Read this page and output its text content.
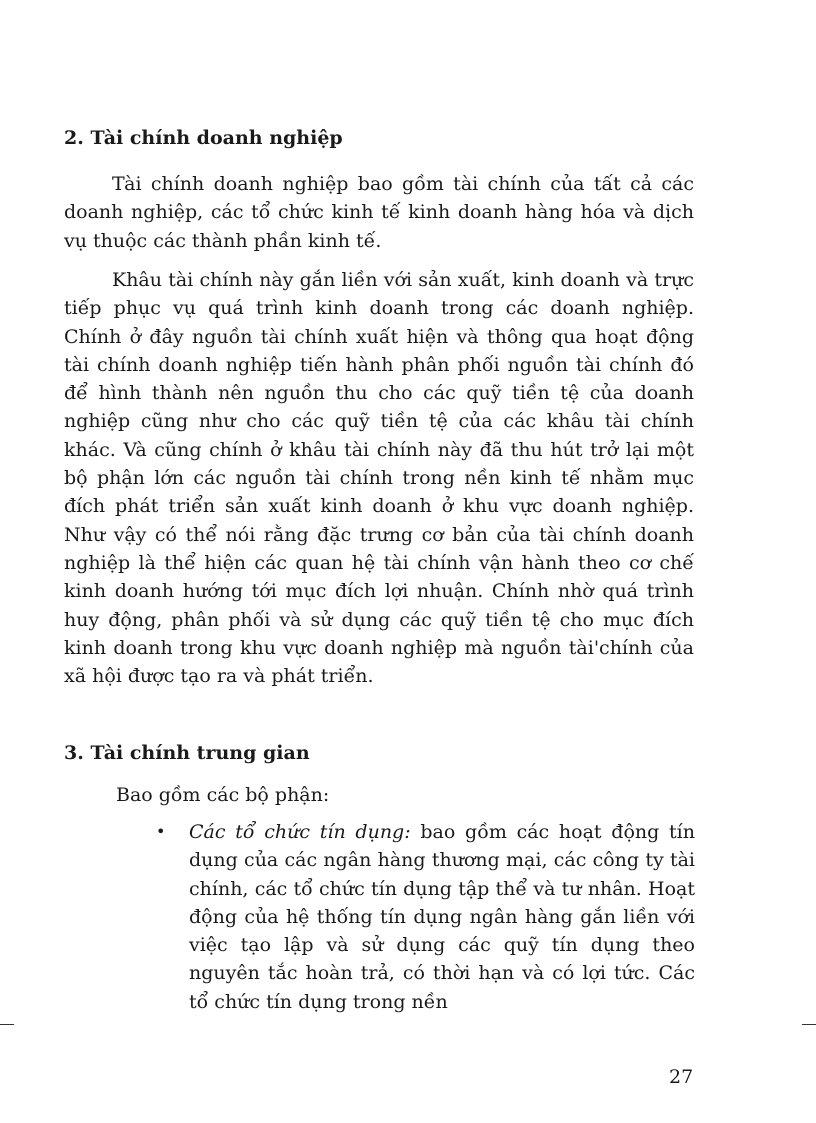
2. Tài chính doanh nghiệp

Tài chính doanh nghiệp bao gồm tài chính của tất cả các doanh nghiệp, các tổ chức kinh tế kinh doanh hàng hóa và dịch vụ thuộc các thành phần kinh tế.

Khâu tài chính này gắn liền với sản xuất, kinh doanh và trực tiếp phục vụ quá trình kinh doanh trong các doanh nghiệp. Chính ở đây nguồn tài chính xuất hiện và thông qua hoạt động tài chính doanh nghiệp tiến hành phân phối nguồn tài chính đó để hình thành nên nguồn thu cho các quỹ tiền tệ của doanh nghiệp cũng như cho các quỹ tiền tệ của các khâu tài chính khác. Và cũng chính ở khâu tài chính này đã thu hút trở lại một bộ phận lớn các nguồn tài chính trong nền kinh tế nhằm mục đích phát triển sản xuất kinh doanh ở khu vực doanh nghiệp. Như vậy có thể nói rằng đặc trưng cơ bản của tài chính doanh nghiệp là thể hiện các quan hệ tài chính vận hành theo cơ chế kinh doanh hướng tới mục đích lợi nhuận. Chính nhờ quá trình huy động, phân phối và sử dụng các quỹ tiền tệ cho mục đích kinh doanh trong khu vực doanh nghiệp mà nguồn tài'chính của xã hội được tạo ra và phát triển.

3. Tài chính trung gian

Bao gồm các bộ phận:

• Các tổ chức tín dụng: bao gồm các hoạt động tín dụng của các ngân hàng thương mại, các công ty tài chính, các tổ chức tín dụng tập thể và tư nhân. Hoạt động của hệ thống tín dụng ngân hàng gắn liền với việc tạo lập và sử dụng các quỹ tín dụng theo nguyên tắc hoàn trả, có thời hạn và có lợi tức. Các tổ chức tín dụng trong nền
27
